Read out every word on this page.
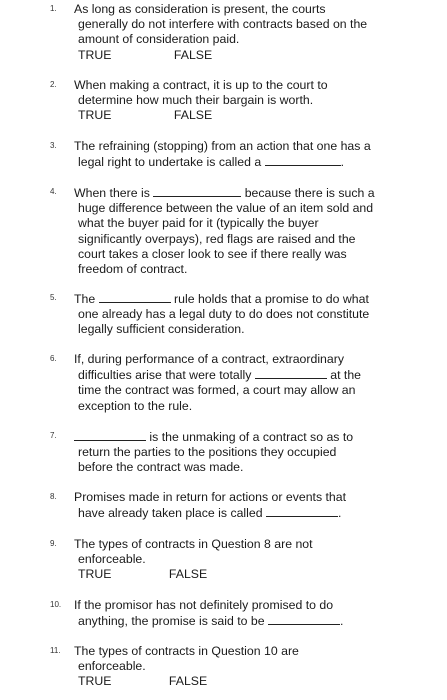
1.	As long as consideration is present, the courts
generally do not interfere with contracts based on the
amount of consideration paid.
TRUE	FALSE
2.	When making a contract, it is up to the court to
determine how much their bargain is worth.
TRUE	FALSE
3.	The refraining (stopping) from an action that one has a
legal right to undertake is called a	.
4.	When there is	because there is such a
huge difference between the value of an item sold and
what the buyer paid for it (typically the buyer
significantly overpays), red flags are raised and the
court takes a closer look to see if there really was
freedom of contract.
5.	The	rule holds that a promise to do what
one already has a legal duty to do does not constitute
legally sufficient consideration.
6.	If, during performance of a contract, extraordinary
difficulties arise that were totally	at the
time the contract was formed, a court may allow an
exception to the rule.
7.	is the unmaking of a contract so as to
return the parties to the positions they occupied
before the contract was made.
8.	Promises made in return for actions or events that
have already taken place is called	.
9.	The types of contracts in Question 8 are not
enforceable.
TRUE	FALSE
10.	If the promisor has not definitely promised to do
anything, the promise is said to be	.
11.	The types of contracts in Question 10 are
enforceable.
TRUE	FALSE
